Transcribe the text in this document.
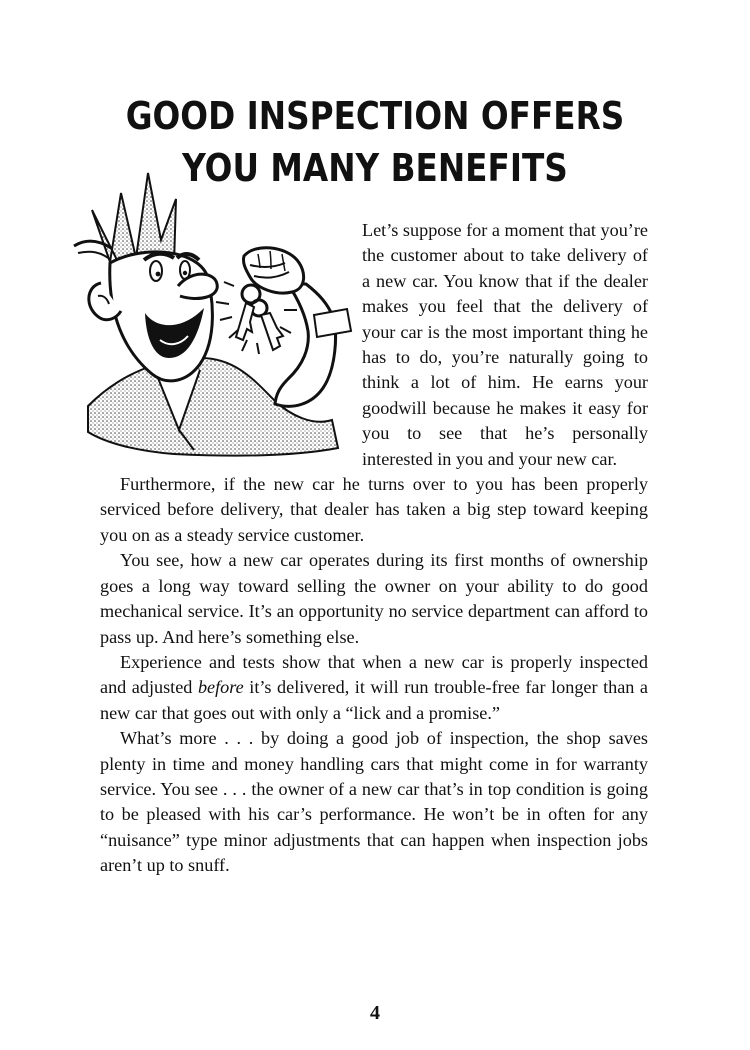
GOOD INSPECTION OFFERS YOU MANY BENEFITS

Let’s suppose for a moment that you’re the customer about to take delivery of a new car. You know that if the dealer makes you feel that the delivery of your car is the most important thing he has to do, you’re naturally going to think a lot of him. He earns your goodwill because he makes it easy for you to see that he’s personally interested in you and your new car.

Furthermore, if the new car he turns over to you has been properly serviced before delivery, that dealer has taken a big step toward keeping you on as a steady service customer.

You see, how a new car operates during its first months of ownership goes a long way toward selling the owner on your ability to do good mechanical service. It’s an opportunity no service department can afford to pass up. And here’s something else.

Experience and tests show that when a new car is properly inspected and adjusted before it’s delivered, it will run trouble-free far longer than a new car that goes out with only a “lick and a promise.”

What’s more . . . by doing a good job of inspection, the shop saves plenty in time and money handling cars that might come in for warranty service. You see . . . the owner of a new car that’s in top condition is going to be pleased with his car’s performance. He won’t be in often for any “nuisance” type minor adjustments that can happen when inspection jobs aren’t up to snuff.

4
